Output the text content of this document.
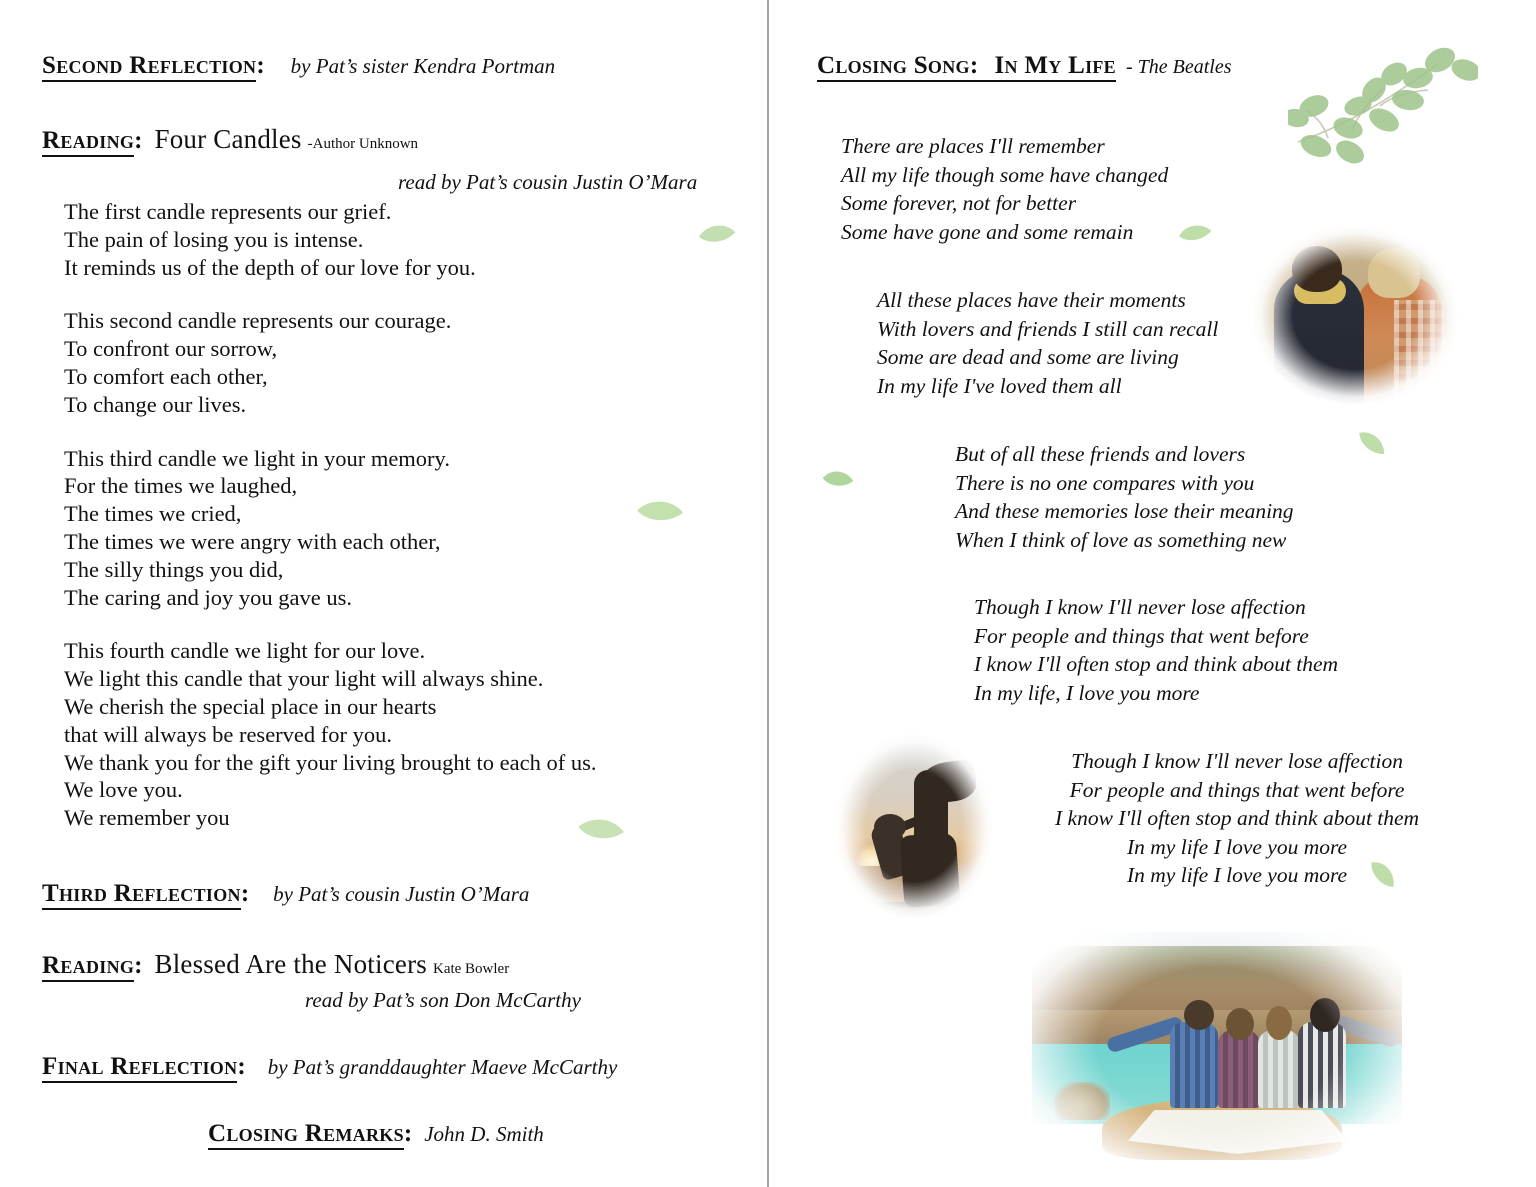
Second Reflection: by Pat’s sister Kendra Portman
Reading: Four Candles -Author Unknown
read by Pat’s cousin Justin O’Mara
The first candle represents our grief.
The pain of losing you is intense.
It reminds us of the depth of our love for you.
This second candle represents our courage.
To confront our sorrow,
To comfort each other,
To change our lives.
This third candle we light in your memory.
For the times we laughed,
The times we cried,
The times we were angry with each other,
The silly things you did,
The caring and joy you gave us.
This fourth candle we light for our love.
We light this candle that your light will always shine.
We cherish the special place in our hearts
that will always be reserved for you.
We thank you for the gift your living brought to each of us.
We love you.
We remember you
Third Reflection: by Pat’s cousin Justin O’Mara
Reading: Blessed Are the Noticers Kate Bowler
read by Pat’s son Don McCarthy
Final Reflection: by Pat’s granddaughter Maeve McCarthy
Closing Remarks: John D. Smith
Closing Song: In My Life - The Beatles
There are places I'll remember
All my life though some have changed
Some forever, not for better
Some have gone and some remain
All these places have their moments
With lovers and friends I still can recall
Some are dead and some are living
In my life I've loved them all
But of all these friends and lovers
There is no one compares with you
And these memories lose their meaning
When I think of love as something new
Though I know I'll never lose affection
For people and things that went before
I know I'll often stop and think about them
In my life, I love you more
Though I know I'll never lose affection
For people and things that went before
I know I'll often stop and think about them
In my life I love you more
In my life I love you more
